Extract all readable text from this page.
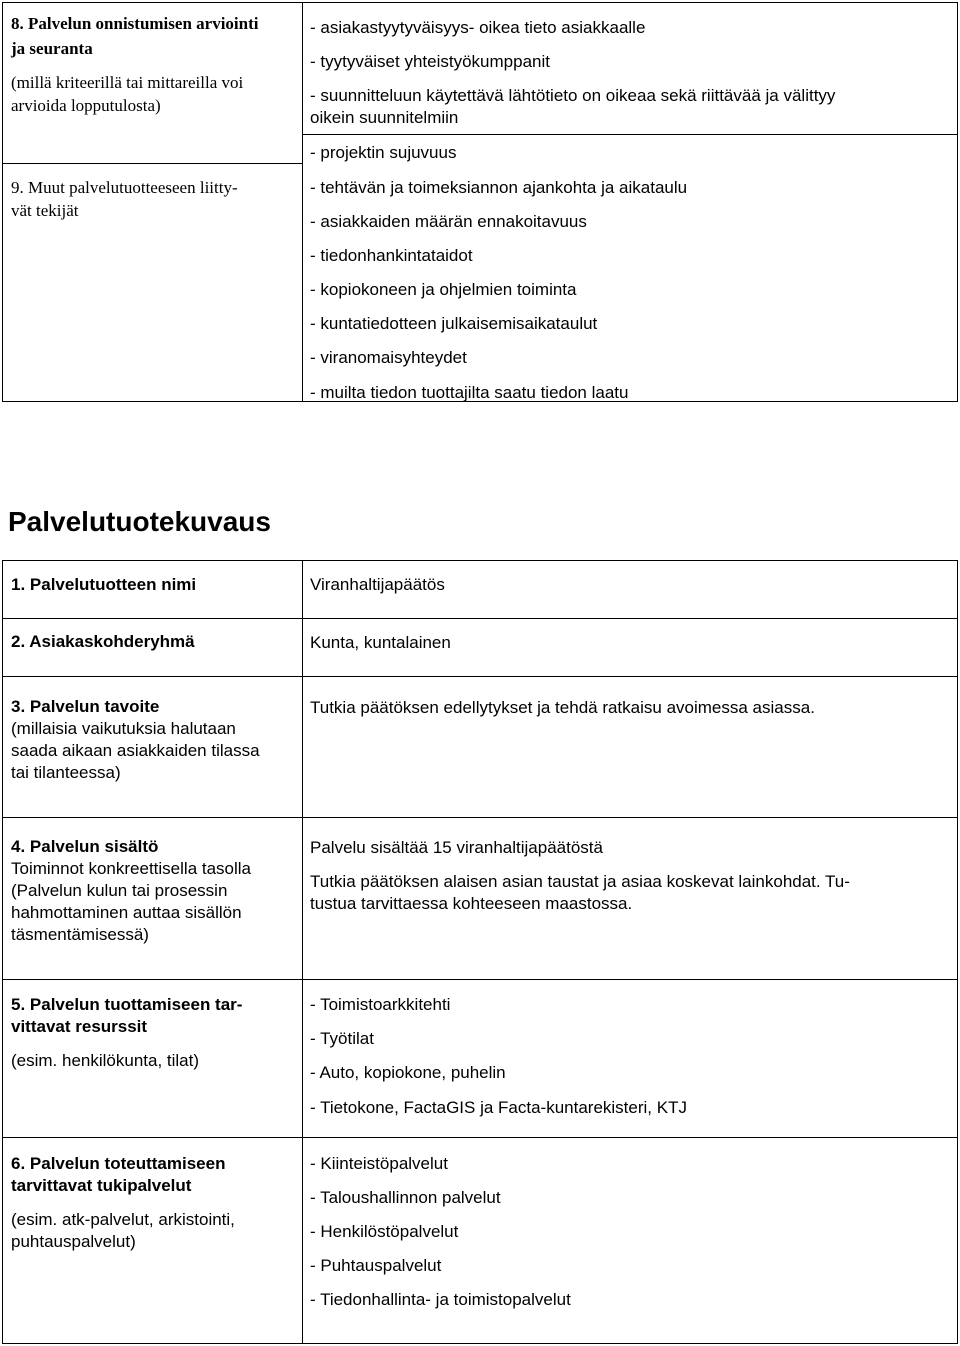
8. Palvelun onnistumisen arviointi
ja seuranta
(millä kriteerillä tai mittareilla voi
arvioida lopputulosta)
- asiakastyytyväisyys- oikea tieto asiakkaalle
- tyytyväiset yhteistyökumppanit
- suunnitteluun käytettävä lähtötieto on oikeaa sekä riittävää ja välittyy
oikein suunnitelmiin
9. Muut palvelutuotteeseen liitty-
vät tekijät
- projektin sujuvuus
- tehtävän ja toimeksiannon ajankohta ja aikataulu
- asiakkaiden määrän ennakoitavuus
- tiedonhankintataidot
- kopiokoneen ja ohjelmien toiminta
- kuntatiedotteen julkaisemisaikataulut
- viranomaisyhteydet
- muilta tiedon tuottajilta saatu tiedon laatu
Palvelutuotekuvaus
1. Palvelutuotteen nimi	Viranhaltijapäätös
2. Asiakaskohderyhmä	Kunta, kuntalainen
3. Palvelun tavoite
(millaisia vaikutuksia halutaan
saada aikaan asiakkaiden tilassa
tai tilanteessa)
Tutkia päätöksen edellytykset ja tehdä ratkaisu avoimessa asiassa.
4. Palvelun sisältö
Toiminnot konkreettisella tasolla
(Palvelun kulun tai prosessin
hahmottaminen auttaa sisällön
täsmentämisessä)
Palvelu sisältää 15 viranhaltijapäätöstä
Tutkia päätöksen alaisen asian taustat ja asiaa koskevat lainkohdat. Tu-
tustua tarvittaessa kohteeseen maastossa.
5. Palvelun tuottamiseen tar-
vittavat resurssit
(esim. henkilökunta, tilat)
- Toimistoarkkitehti
- Työtilat
- Auto, kopiokone, puhelin
- Tietokone, FactaGIS ja Facta-kuntarekisteri, KTJ
6. Palvelun toteuttamiseen
tarvittavat tukipalvelut
(esim. atk-palvelut, arkistointi,
puhtauspalvelut)
- Kiinteistöpalvelut
- Taloushallinnon palvelut
- Henkilöstöpalvelut
- Puhtauspalvelut
- Tiedonhallinta- ja toimistopalvelut
